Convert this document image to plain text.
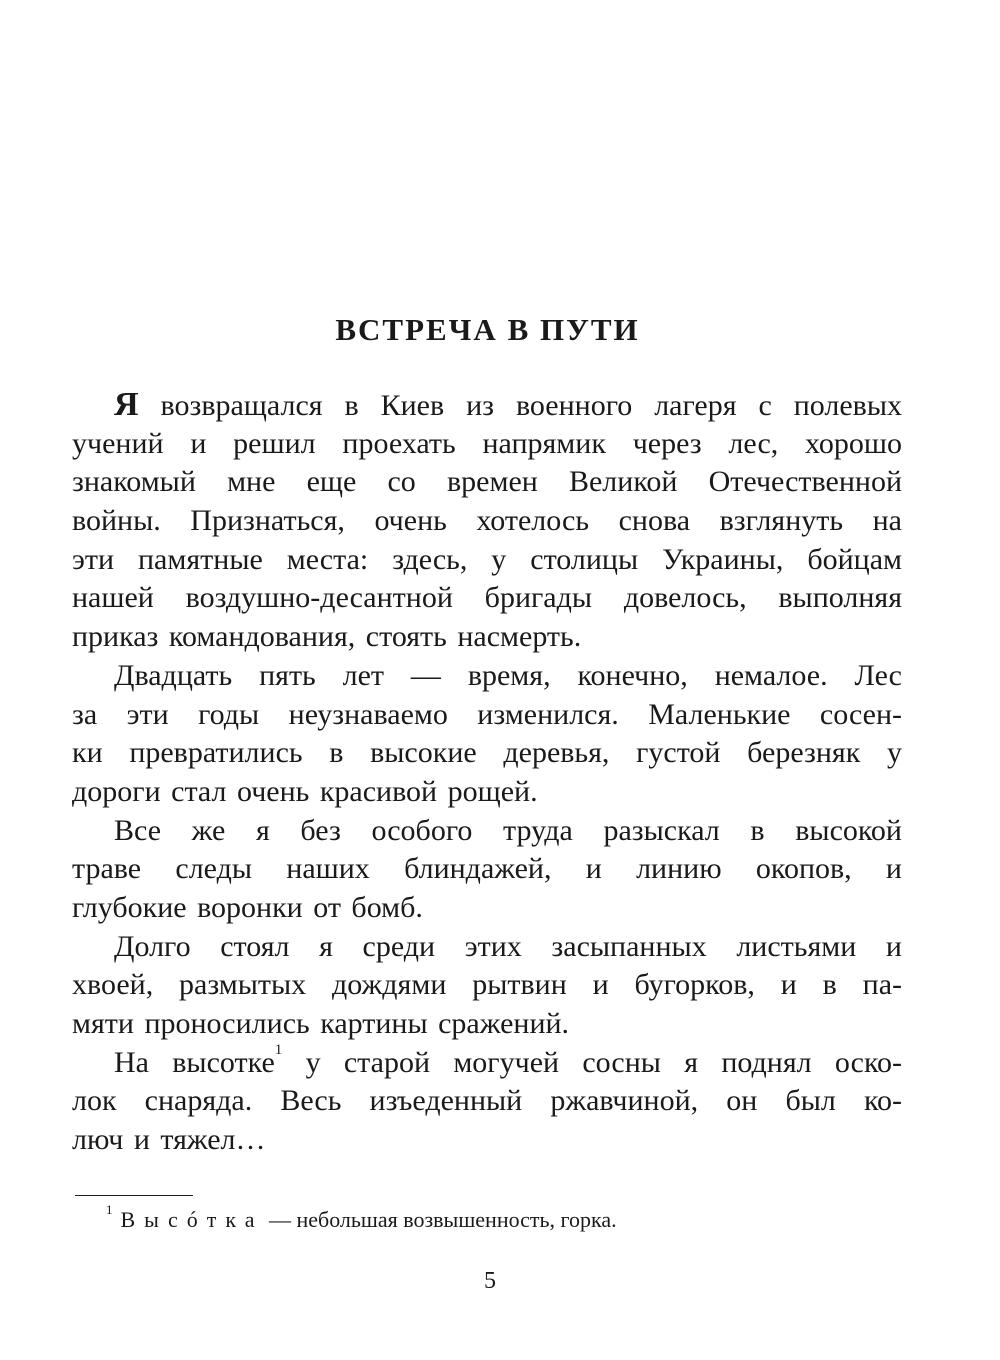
ВСТРЕЧА В ПУТИ
Я возвращался в Киев из военного лагеря с полевых
учений и решил проехать напрямик через лес, хорошо
знакомый мне еще со времен Великой Отечественной
войны. Признаться, очень хотелось снова взглянуть на
эти памятные места: здесь, у столицы Украины, бойцам
нашей воздушно-десантной бригады довелось, выполняя
приказ командования, стоять насмерть.
Двадцать пять лет — время, конечно, немалое. Лес
за эти годы неузнаваемо изменился. Маленькие сосен-
ки превратились в высокие деревья, густой березняк у
дороги стал очень красивой рощей.
Все же я без особого труда разыскал в высокой
траве следы наших блиндажей, и линию окопов, и
глубокие воронки от бомб.
Долго стоял я среди этих засыпанных листьями и
хвоей, размытых дождями рытвин и бугорков, и в па-
мяти проносились картины сражений.
На высотке$^1$ у старой могучей сосны я поднял оско-
лок снаряда. Весь изъеденный ржавчиной, он был ко-
люч и тяжел…
$^1$ Высóтка — небольшая возвышенность, горка.
5
